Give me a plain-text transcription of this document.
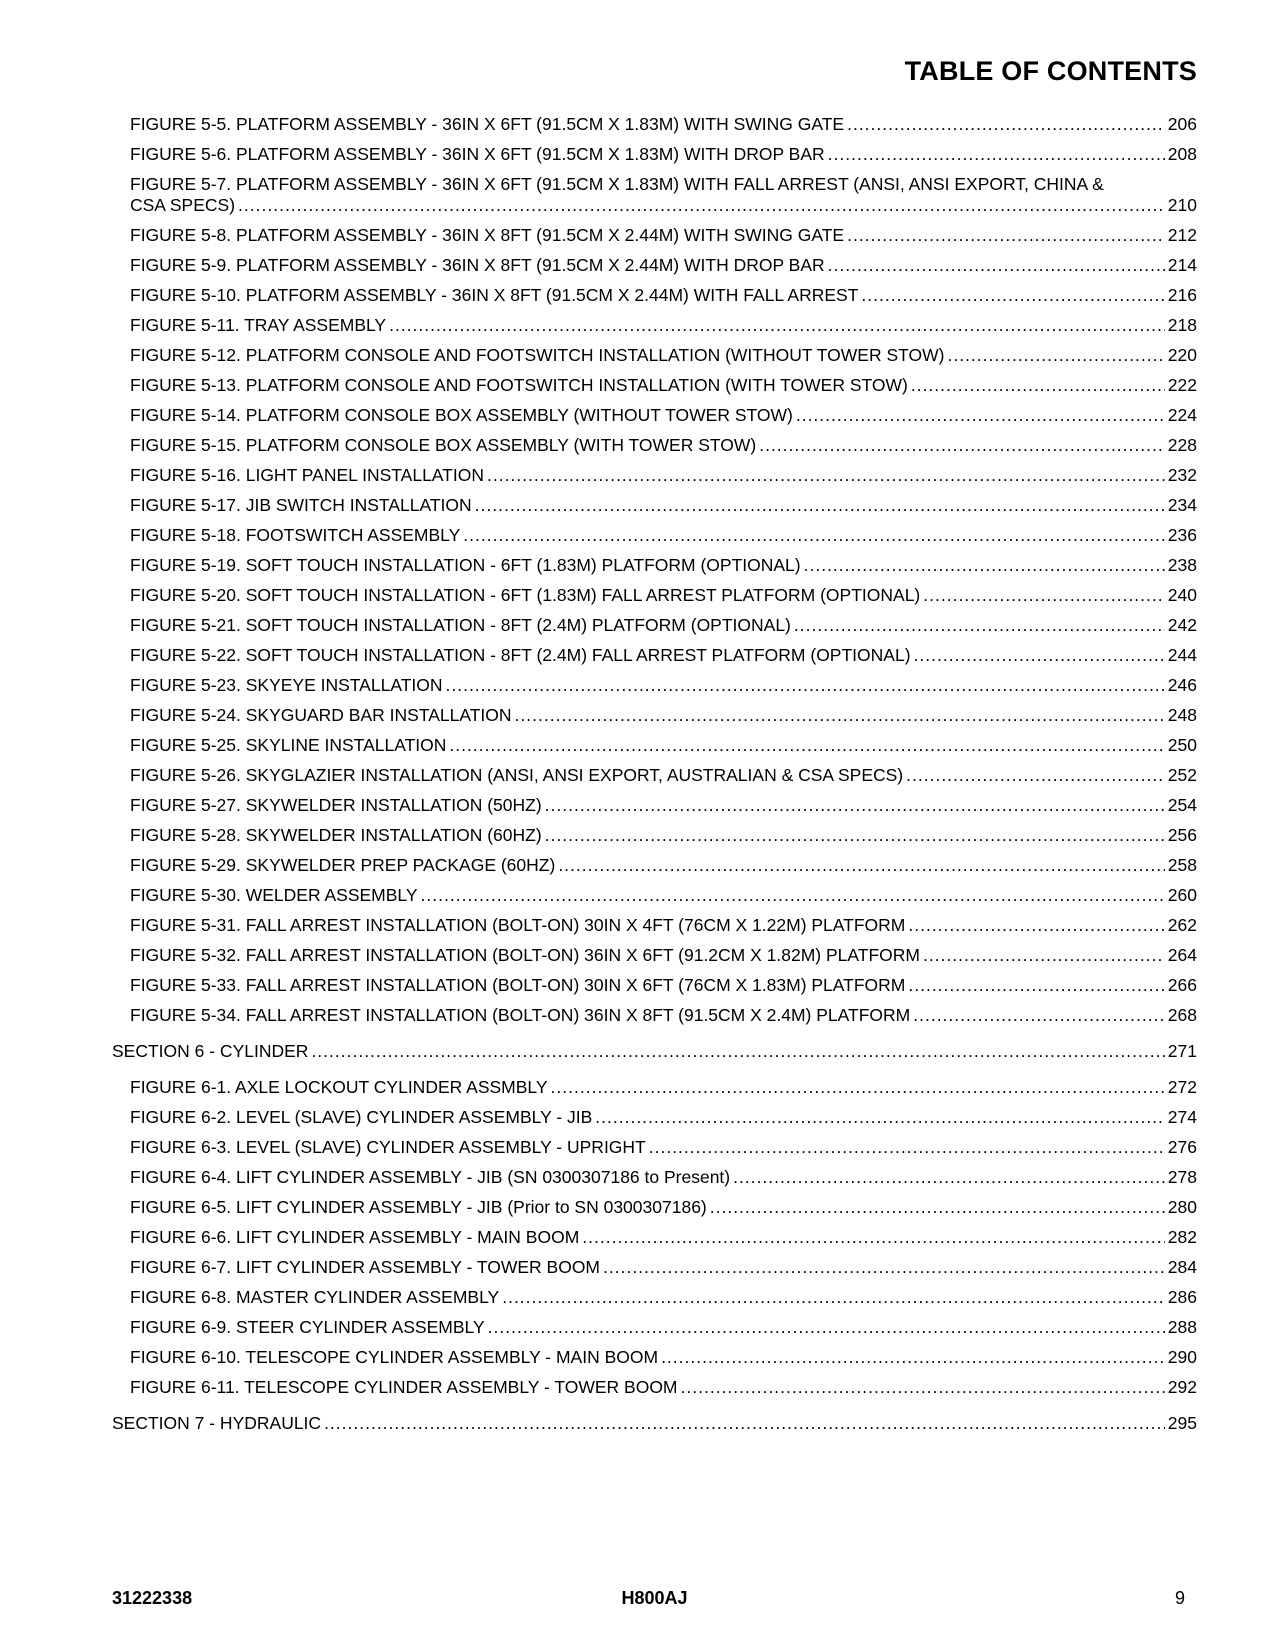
TABLE OF CONTENTS
FIGURE 5-5. PLATFORM ASSEMBLY - 36IN X 6FT (91.5CM X 1.83M) WITH SWING GATE .....	206
FIGURE 5-6. PLATFORM ASSEMBLY - 36IN X 6FT (91.5CM X 1.83M) WITH DROP BAR .....	208
FIGURE 5-7. PLATFORM ASSEMBLY - 36IN X 6FT (91.5CM X 1.83M) WITH FALL ARREST (ANSI, ANSI EXPORT, CHINA &
CSA SPECS) .....	210
FIGURE 5-8. PLATFORM ASSEMBLY - 36IN X 8FT (91.5CM X 2.44M) WITH SWING GATE .....	212
FIGURE 5-9. PLATFORM ASSEMBLY - 36IN X 8FT (91.5CM X 2.44M) WITH DROP BAR .....	214
FIGURE 5-10. PLATFORM ASSEMBLY - 36IN X 8FT (91.5CM X 2.44M) WITH FALL ARREST .....	216
FIGURE 5-11. TRAY ASSEMBLY .....	218
FIGURE 5-12. PLATFORM CONSOLE AND FOOTSWITCH INSTALLATION (WITHOUT TOWER STOW) .....	220
FIGURE 5-13. PLATFORM CONSOLE AND FOOTSWITCH INSTALLATION (WITH TOWER STOW) .....	222
FIGURE 5-14. PLATFORM CONSOLE BOX ASSEMBLY (WITHOUT TOWER STOW) .....	224
FIGURE 5-15. PLATFORM CONSOLE BOX ASSEMBLY (WITH TOWER STOW) .....	228
FIGURE 5-16. LIGHT PANEL INSTALLATION .....	232
FIGURE 5-17. JIB SWITCH INSTALLATION .....	234
FIGURE 5-18. FOOTSWITCH ASSEMBLY .....	236
FIGURE 5-19. SOFT TOUCH INSTALLATION - 6FT (1.83M) PLATFORM (OPTIONAL) .....	238
FIGURE 5-20. SOFT TOUCH INSTALLATION - 6FT (1.83M) FALL ARREST PLATFORM (OPTIONAL) .....	240
FIGURE 5-21. SOFT TOUCH INSTALLATION - 8FT (2.4M) PLATFORM (OPTIONAL) .....	242
FIGURE 5-22. SOFT TOUCH INSTALLATION - 8FT (2.4M) FALL ARREST PLATFORM (OPTIONAL) .....	244
FIGURE 5-23. SKYEYE INSTALLATION .....	246
FIGURE 5-24. SKYGUARD BAR INSTALLATION .....	248
FIGURE 5-25. SKYLINE INSTALLATION .....	250
FIGURE 5-26. SKYGLAZIER INSTALLATION (ANSI, ANSI EXPORT, AUSTRALIAN & CSA SPECS) .....	252
FIGURE 5-27. SKYWELDER INSTALLATION (50HZ) .....	254
FIGURE 5-28. SKYWELDER INSTALLATION (60HZ) .....	256
FIGURE 5-29. SKYWELDER PREP PACKAGE (60HZ) .....	258
FIGURE 5-30. WELDER ASSEMBLY .....	260
FIGURE 5-31. FALL ARREST INSTALLATION (BOLT-ON) 30IN X 4FT (76CM X 1.22M) PLATFORM .....	262
FIGURE 5-32. FALL ARREST INSTALLATION (BOLT-ON) 36IN X 6FT (91.2CM X 1.82M) PLATFORM .....	264
FIGURE 5-33. FALL ARREST INSTALLATION (BOLT-ON) 30IN X 6FT (76CM X 1.83M) PLATFORM .....	266
FIGURE 5-34. FALL ARREST INSTALLATION (BOLT-ON) 36IN X 8FT (91.5CM X 2.4M) PLATFORM .....	268
SECTION 6 - CYLINDER .....	271
FIGURE 6-1. AXLE LOCKOUT CYLINDER ASSMBLY .....	272
FIGURE 6-2. LEVEL (SLAVE) CYLINDER ASSEMBLY - JIB .....	274
FIGURE 6-3. LEVEL (SLAVE) CYLINDER ASSEMBLY - UPRIGHT .....	276
FIGURE 6-4. LIFT CYLINDER ASSEMBLY - JIB (SN 0300307186 to Present) .....	278
FIGURE 6-5. LIFT CYLINDER ASSEMBLY - JIB (Prior to SN 0300307186) .....	280
FIGURE 6-6. LIFT CYLINDER ASSEMBLY - MAIN BOOM .....	282
FIGURE 6-7. LIFT CYLINDER ASSEMBLY - TOWER BOOM .....	284
FIGURE 6-8. MASTER CYLINDER ASSEMBLY .....	286
FIGURE 6-9. STEER CYLINDER ASSEMBLY .....	288
FIGURE 6-10. TELESCOPE CYLINDER ASSEMBLY - MAIN BOOM .....	290
FIGURE 6-11. TELESCOPE CYLINDER ASSEMBLY - TOWER BOOM .....	292
SECTION 7 - HYDRAULIC .....	295
31222338	H800AJ	9
